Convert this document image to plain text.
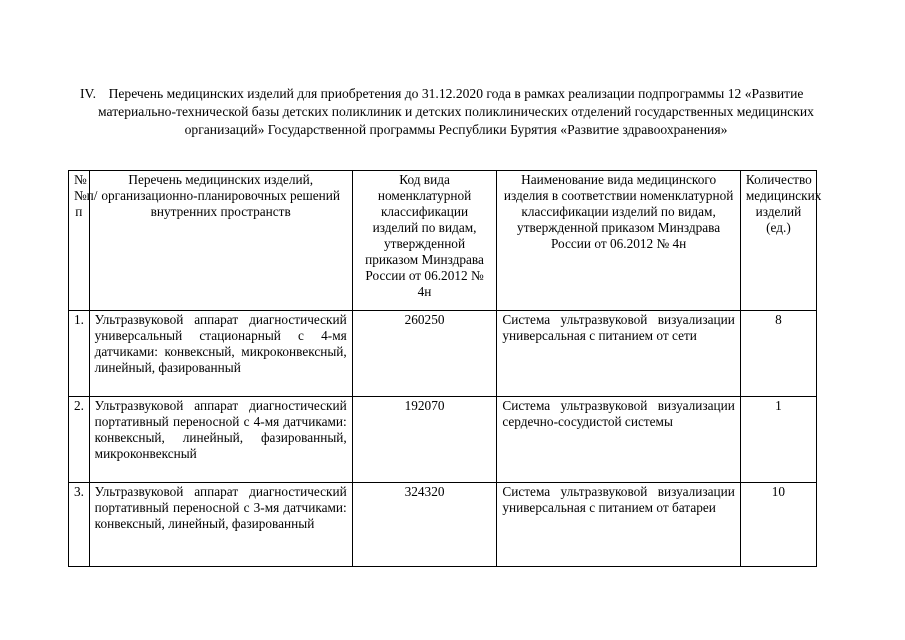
IV. Перечень медицинских изделий для приобретения до 31.12.2020 года в рамках реализации подпрограммы 12 «Развитие материально-технической базы детских поликлиник и детских поликлинических отделений государственных медицинских организаций» Государственной программы Республики Бурятия «Развитие здравоохранения»
№ №п/п	Перечень медицинских изделий, организационно-планировочных решений внутренних пространств	Код вида номенклатурной классификации изделий по видам, утвержденной приказом Минздрава России от 06.2012 № 4н	Наименование вида медицинского изделия в соответствии номенклатурной классификации изделий по видам, утвержденной приказом Минздрава России от 06.2012 № 4н	Количество медицинских изделий (ед.)
1.	Ультразвуковой аппарат диагностический универсальный стационарный с 4-мя датчиками: конвексный, микроконвексный, линейный, фазированный	260250	Система ультразвуковой визуализации универсальная с питанием от сети	8
2.	Ультразвуковой аппарат диагностический портативный переносной с 4-мя датчиками: конвексный, линейный, фазированный, микроконвексный	192070	Система ультразвуковой визуализации сердечно-сосудистой системы	1
3.	Ультразвуковой аппарат диагностический портативный переносной с 3-мя датчиками: конвексный, линейный, фазированный	324320	Система ультразвуковой визуализации универсальная с питанием от батареи	10
